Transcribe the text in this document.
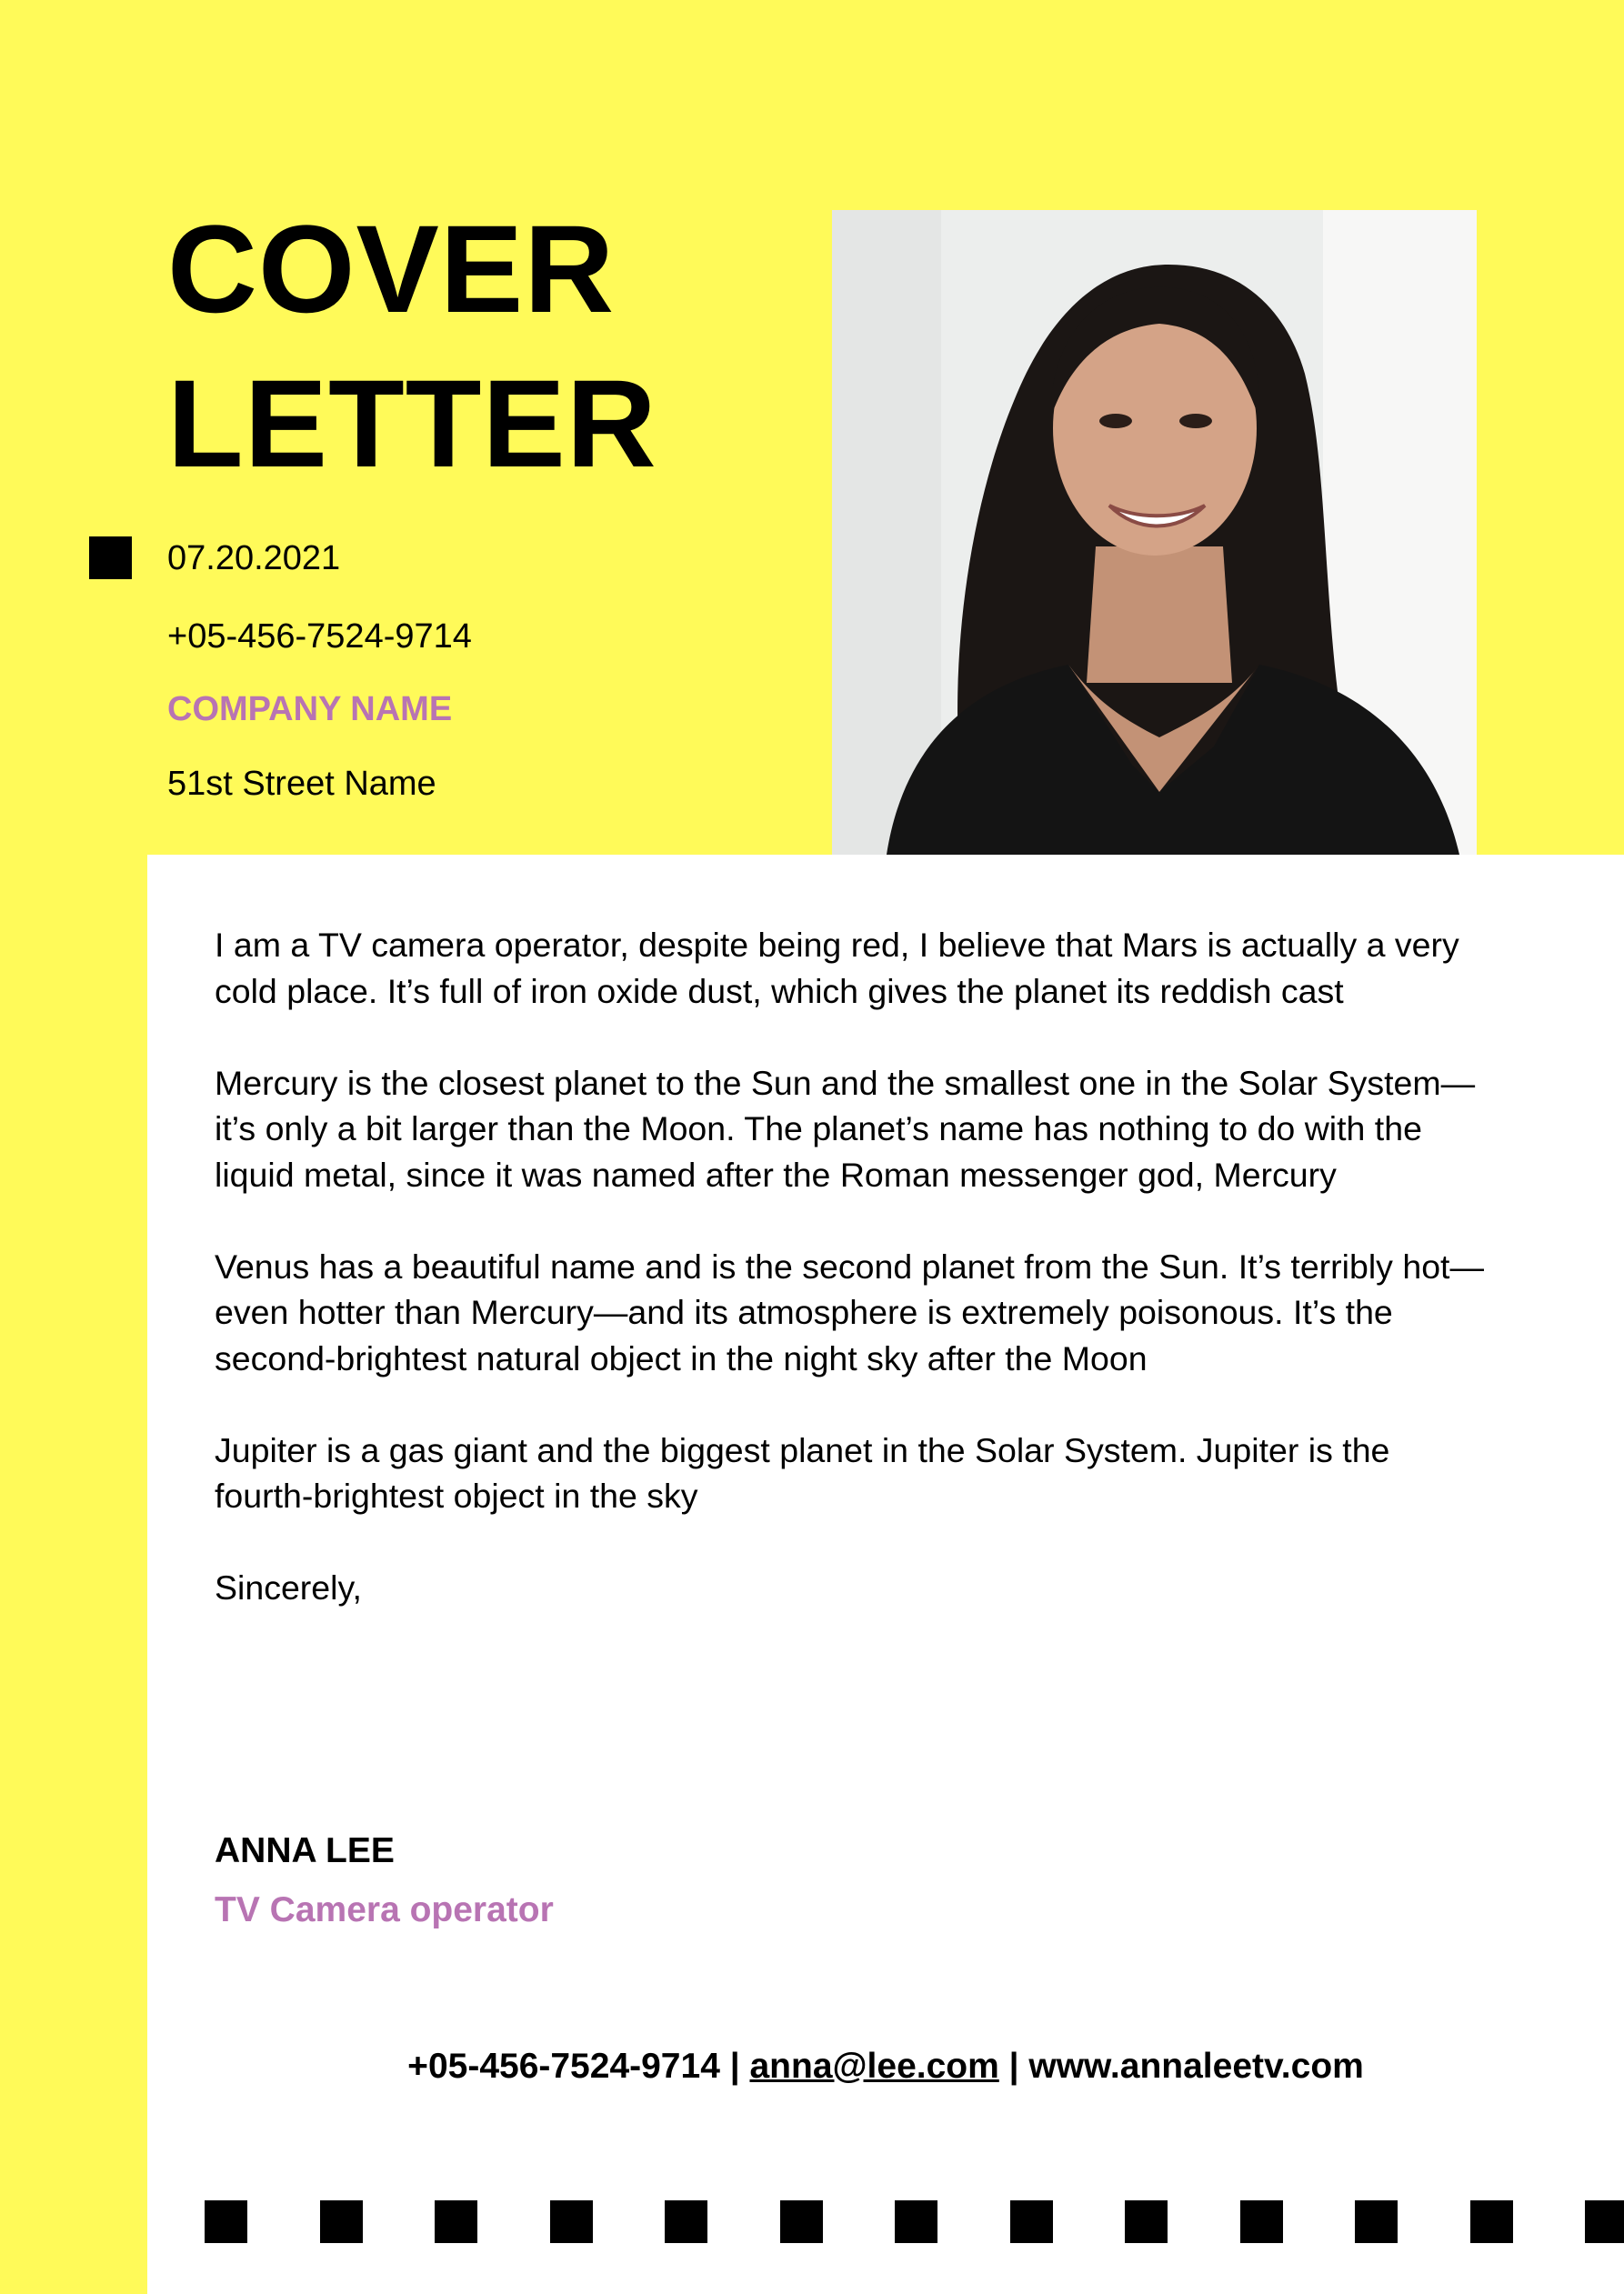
COVER
LETTER
07.20.2021
+05-456-7524-9714
COMPANY NAME
51st Street Name

I am a TV camera operator, despite being red, I believe that Mars is actually a very cold place. It’s full of iron oxide dust, which gives the planet its reddish cast

Mercury is the closest planet to the Sun and the smallest one in the Solar System—it’s only a bit larger than the Moon. The planet’s name has nothing to do with the liquid metal, since it was named after the Roman messenger god, Mercury

Venus has a beautiful name and is the second planet from the Sun. It’s terribly hot—even hotter than Mercury—and its atmosphere is extremely poisonous. It’s the second-brightest natural object in the night sky after the Moon

Jupiter is a gas giant and the biggest planet in the Solar System. Jupiter is the fourth-brightest object in the sky

Sincerely,

ANNA LEE
TV Camera operator
+05-456-7524-9714 | anna@lee.com | www.annaleetv.com
